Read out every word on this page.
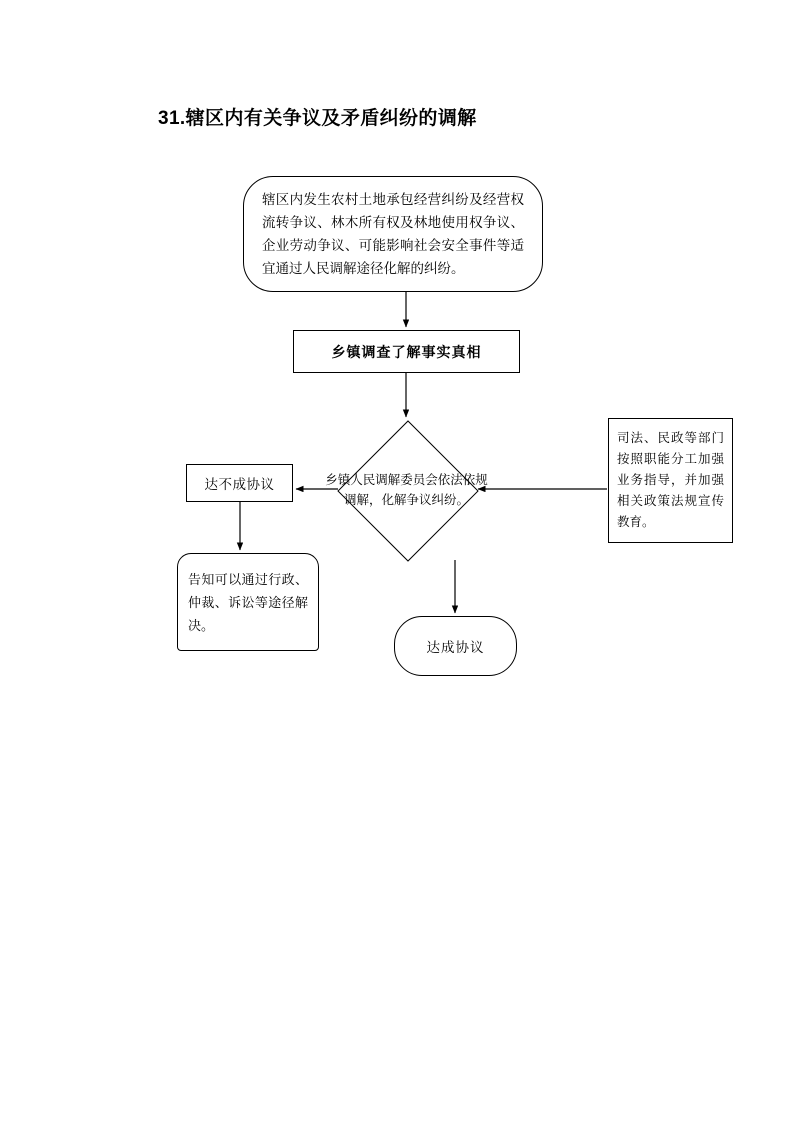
31.辖区内有关争议及矛盾纠纷的调解
辖区内发生农村土地承包经营纠纷及经营权流转争议、林木所有权及林地使用权争议、企业劳动争议、可能影响社会安全事件等适宜通过人民调解途径化解的纠纷。
乡镇调查了解事实真相
乡镇人民调解委员会依法依规调解，化解争议纠纷。
司法、民政等部门按照职能分工加强业务指导，并加强相关政策法规宣传教育。
达不成协议
告知可以通过行政、仲裁、诉讼等途径解决。
达成协议
